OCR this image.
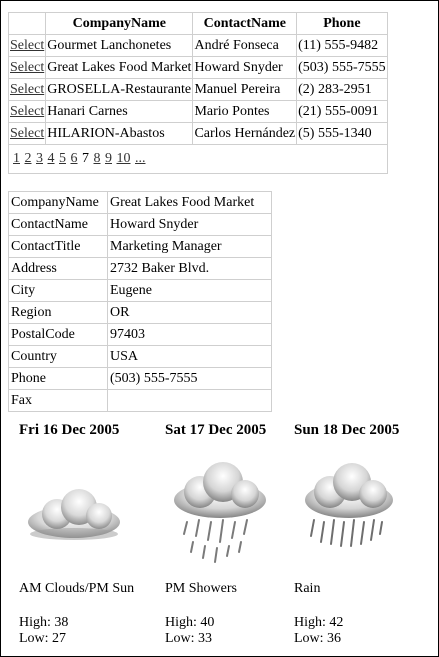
	CompanyName	ContactName	Phone
Select	Gourmet Lanchonetes	André Fonseca	(11) 555-9482
Select	Great Lakes Food Market	Howard Snyder	(503) 555-7555
Select	GROSELLA-Restaurante	Manuel Pereira	(2) 283-2951
Select	Hanari Carnes	Mario Pontes	(21) 555-0091
Select	HILARION-Abastos	Carlos Hernández	(5) 555-1340
1 2 3 4 5 6 7 8 9 10 ...			
CompanyName	Great Lakes Food Market
ContactName	Howard Snyder
ContactTitle	Marketing Manager
Address	2732 Baker Blvd.
City	Eugene
Region	OR
PostalCode	97403
Country	USA
Phone	(503) 555-7555
Fax	
Fri 16 Dec 2005
AM Clouds/PM Sun
High: 38
Low: 27
Sat 17 Dec 2005
PM Showers
High: 40
Low: 33
Sun 18 Dec 2005
Rain
High: 42
Low: 36
